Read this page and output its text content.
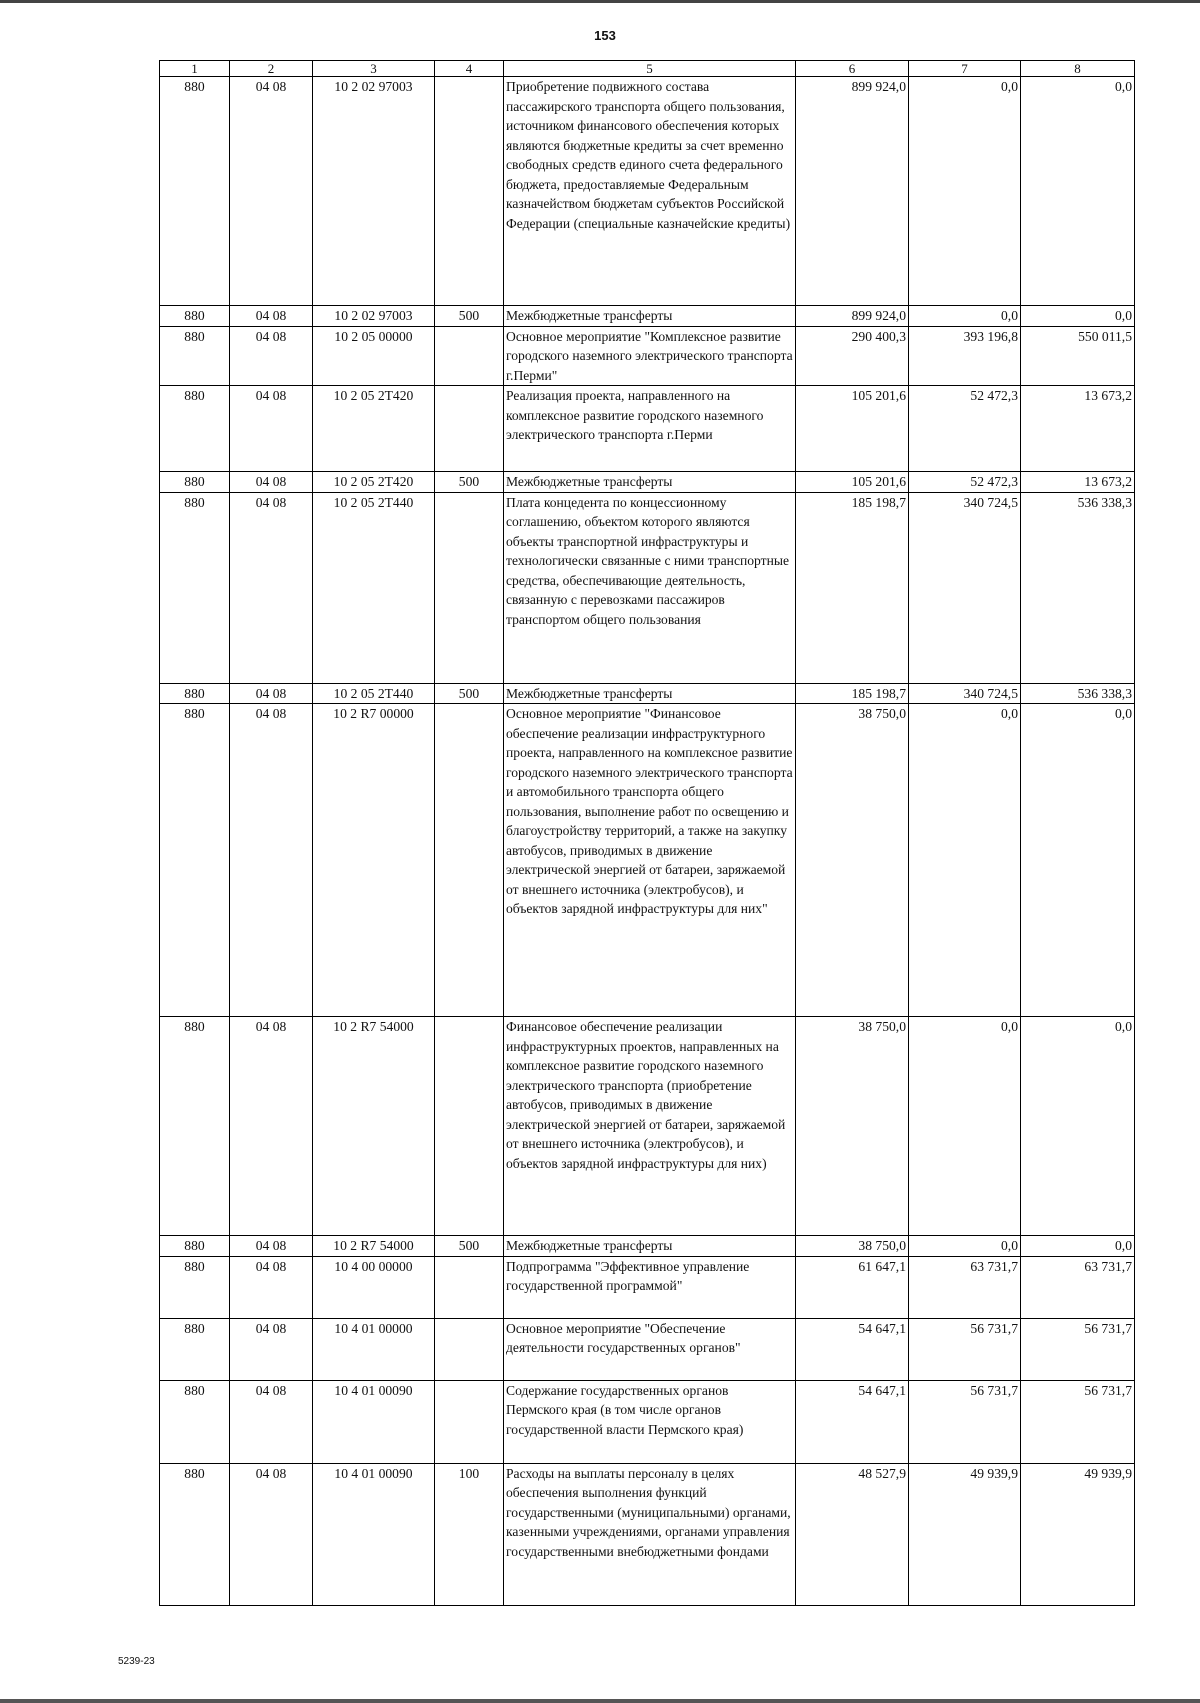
153
1	2	3	4	5	6	7	8
880	04 08	10 2 02 97003		Приобретение подвижного состава пассажирского транспорта общего пользования, источником финансового обеспечения которых являются бюджетные кредиты за счет временно свободных средств единого счета федерального бюджета, предоставляемые Федеральным казначейством бюджетам субъектов Российской Федерации (специальные казначейские кредиты)	899 924,0	0,0	0,0
880	04 08	10 2 02 97003	500	Межбюджетные трансферты	899 924,0	0,0	0,0
880	04 08	10 2 05 00000		Основное мероприятие "Комплексное развитие городского наземного электрического транспорта г.Перми"	290 400,3	393 196,8	550 011,5
880	04 08	10 2 05 2Т420		Реализация проекта, направленного на комплексное развитие городского наземного электрического транспорта г.Перми	105 201,6	52 472,3	13 673,2
880	04 08	10 2 05 2Т420	500	Межбюджетные трансферты	105 201,6	52 472,3	13 673,2
880	04 08	10 2 05 2Т440		Плата концедента по концессионному соглашению, объектом которого являются объекты транспортной инфраструктуры и технологически связанные с ними транспортные средства, обеспечивающие деятельность, связанную с перевозками пассажиров транспортом общего пользования	185 198,7	340 724,5	536 338,3
880	04 08	10 2 05 2Т440	500	Межбюджетные трансферты	185 198,7	340 724,5	536 338,3
880	04 08	10 2 R7 00000		Основное мероприятие "Финансовое обеспечение реализации инфраструктурного проекта, направленного на комплексное развитие городского наземного электрического транспорта и автомобильного транспорта общего пользования, выполнение работ по освещению и благоустройству территорий, а также на закупку автобусов, приводимых в движение электрической энергией от батареи, заряжаемой от внешнего источника (электробусов), и объектов зарядной инфраструктуры для них"	38 750,0	0,0	0,0
880	04 08	10 2 R7 54000		Финансовое обеспечение реализации инфраструктурных проектов, направленных на комплексное развитие городского наземного электрического транспорта (приобретение автобусов, приводимых в движение электрической энергией от батареи, заряжаемой от внешнего источника (электробусов), и объектов зарядной инфраструктуры для них)	38 750,0	0,0	0,0
880	04 08	10 2 R7 54000	500	Межбюджетные трансферты	38 750,0	0,0	0,0
880	04 08	10 4 00 00000		Подпрограмма "Эффективное управление государственной программой"	61 647,1	63 731,7	63 731,7
880	04 08	10 4 01 00000		Основное мероприятие "Обеспечение деятельности государственных органов"	54 647,1	56 731,7	56 731,7
880	04 08	10 4 01 00090		Содержание государственных органов Пермского края (в том числе органов государственной власти Пермского края)	54 647,1	56 731,7	56 731,7
880	04 08	10 4 01 00090	100	Расходы на выплаты персоналу в целях обеспечения выполнения функций государственными (муниципальными) органами, казенными учреждениями, органами управления государственными внебюджетными фондами	48 527,9	49 939,9	49 939,9
5239-23
